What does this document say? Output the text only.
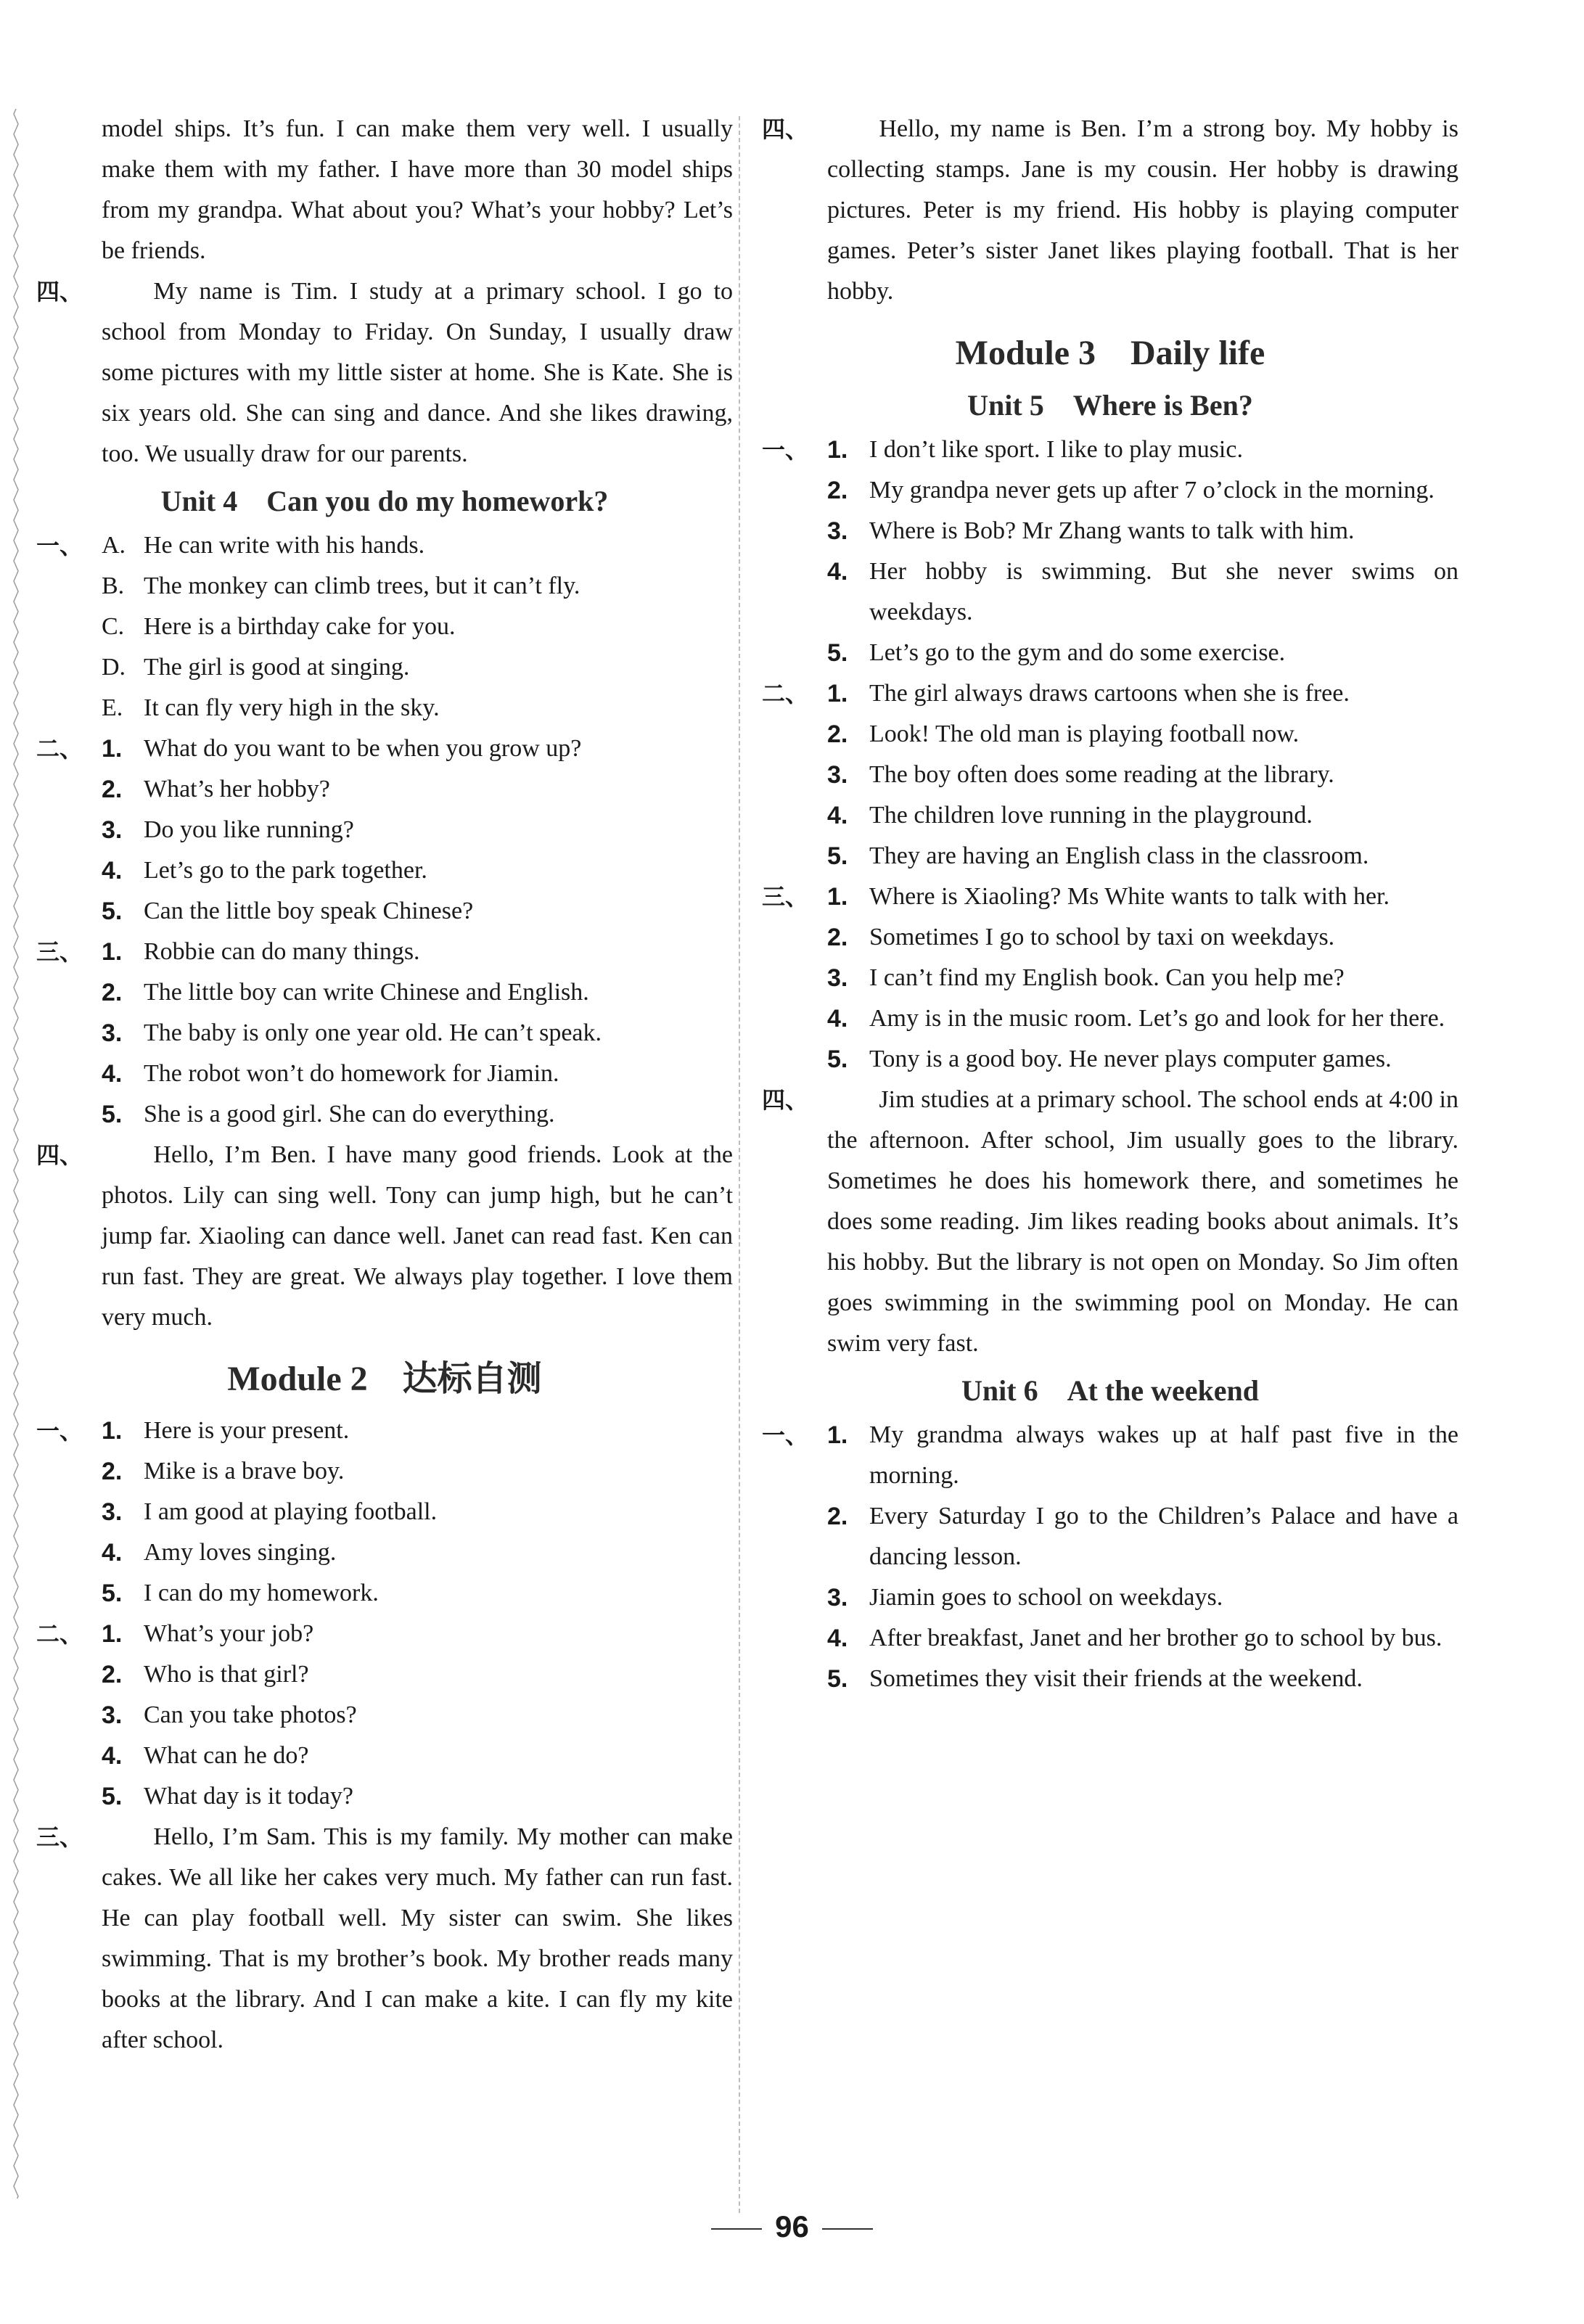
model ships. It’s fun. I can make them very well. I usually make them with my father. I have more than 30 model ships from my grandpa. What about you? What’s your hobby? Let’s be friends.

四、	My name is Tim. I study at a primary school. I go to school from Monday to Friday. On Sunday, I usually draw some pictures with my little sister at home. She is Kate. She is six years old. She can sing and dance. And she likes drawing, too. We usually draw for our parents.

Unit 4　Can you do my homework?
一、 A. He can write with his hands.

B. The monkey can climb trees, but it can’t fly.

C. Here is a birthday cake for you.

D. The girl is good at singing.

E. It can fly very high in the sky.

二、 1. What do you want to be when you grow up?

2. What’s her hobby?

3. Do you like running?

4. Let’s go to the park together.

5. Can the little boy speak Chinese?

三、 1. Robbie can do many things.

2. The little boy can write Chinese and English.

3. The baby is only one year old. He can’t speak.

4. The robot won’t do homework for Jiamin.

5. She is a good girl. She can do everything.

四、	Hello, I’m Ben. I have many good friends. Look at the photos. Lily can sing well. Tony can jump high, but he can’t jump far. Xiaoling can dance well. Janet can read fast. Ken can run fast. They are great. We always play together. I love them very much.

Module 2　达标自测
一、 1. Here is your present.

2. Mike is a brave boy.

3. I am good at playing football.

4. Amy loves singing.

5. I can do my homework.

二、 1. What’s your job?

2. Who is that girl?

3. Can you take photos?

4. What can he do?

5. What day is it today?

三、	Hello, I’m Sam. This is my family. My mother can make cakes. We all like her cakes very much. My father can run fast. He can play football well. My sister can swim. She likes swimming. That is my brother’s book. My brother reads many books at the library. And I can make a kite. I can fly my kite after school.

四、	Hello, my name is Ben. I’m a strong boy. My hobby is collecting stamps. Jane is my cousin. Her hobby is drawing pictures. Peter is my friend. His hobby is playing computer games. Peter’s sister Janet likes playing football. That is her hobby.

Module 3　Daily life
Unit 5　Where is Ben?
一、 1. I don’t like sport. I like to play music.

2. My grandpa never gets up after 7 o’clock in the morning.

3. Where is Bob? Mr Zhang wants to talk with him.

4. Her hobby is swimming. But she never swims on weekdays.

5. Let’s go to the gym and do some exercise.

二、 1. The girl always draws cartoons when she is free.

2. Look! The old man is playing football now.

3. The boy often does some reading at the library.

4. The children love running in the playground.

5. They are having an English class in the classroom.

三、 1. Where is Xiaoling? Ms White wants to talk with her.

2. Sometimes I go to school by taxi on weekdays.

3. I can’t find my English book. Can you help me?

4. Amy is in the music room. Let’s go and look for her there.

5. Tony is a good boy. He never plays computer games.

四、	Jim studies at a primary school. The school ends at 4:00 in the afternoon. After school, Jim usually goes to the library. Sometimes he does his homework there, and sometimes he does some reading. Jim likes reading books about animals. It’s his hobby. But the library is not open on Monday. So Jim often goes swimming in the swimming pool on Monday. He can swim very fast.

Unit 6　At the weekend
一、 1. My grandma always wakes up at half past five in the morning.

2. Every Saturday I go to the Children’s Palace and have a dancing lesson.

3. Jiamin goes to school on weekdays.

4. After breakfast, Janet and her brother go to school by bus.

5. Sometimes they visit their friends at the weekend.

96
